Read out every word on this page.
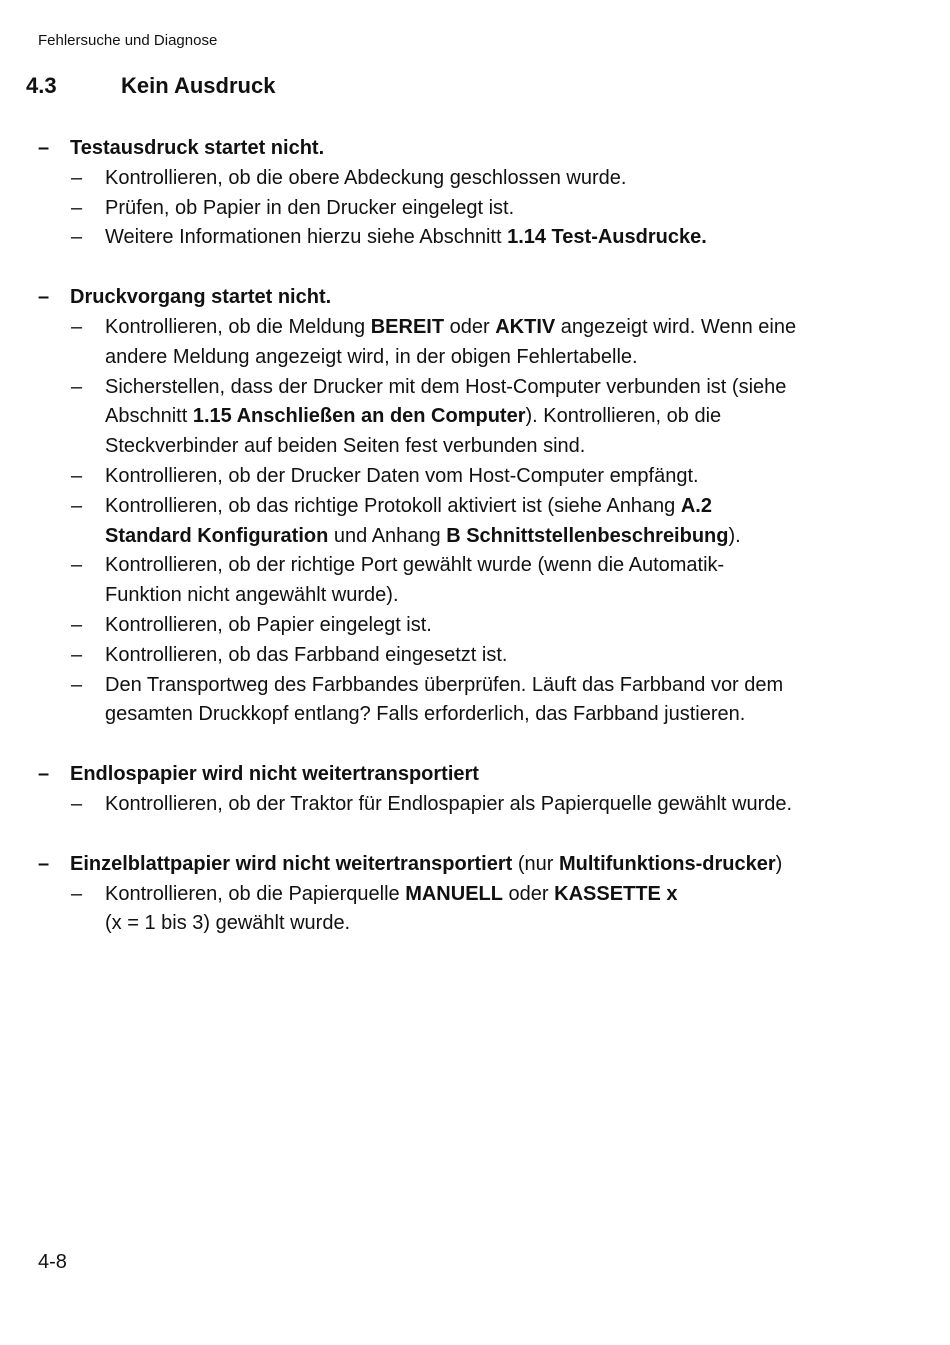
Fehlersuche und Diagnose
4.3	Kein Ausdruck
– Testausdruck startet nicht.
– Kontrollieren, ob die obere Abdeckung geschlossen wurde.
– Prüfen, ob Papier in den Drucker eingelegt ist.
– Weitere Informationen hierzu siehe Abschnitt 1.14 Test-Ausdrucke.
– Druckvorgang startet nicht.
– Kontrollieren, ob die Meldung BEREIT oder AKTIV angezeigt wird. Wenn eine andere Meldung angezeigt wird, in der obigen Fehlertabelle.
– Sicherstellen, dass der Drucker mit dem Host-Computer verbunden ist (siehe Abschnitt 1.15 Anschließen an den Computer). Kontrollieren, ob die Steckverbinder auf beiden Seiten fest verbunden sind.
– Kontrollieren, ob der Drucker Daten vom Host-Computer empfängt.
– Kontrollieren, ob das richtige Protokoll aktiviert ist (siehe Anhang A.2 Standard Konfiguration und Anhang B Schnittstellenbeschreibung).
– Kontrollieren, ob der richtige Port gewählt wurde (wenn die Automatik-Funktion nicht angewählt wurde).
– Kontrollieren, ob Papier eingelegt ist.
– Kontrollieren, ob das Farbband eingesetzt ist.
– Den Transportweg des Farbbandes überprüfen. Läuft das Farbband vor dem gesamten Druckkopf entlang? Falls erforderlich, das Farbband justieren.
– Endlospapier wird nicht weitertransportiert
– Kontrollieren, ob der Traktor für Endlospapier als Papierquelle gewählt wurde.
– Einzelblattpapier wird nicht weitertransportiert (nur Multifunktions-drucker)
– Kontrollieren, ob die Papierquelle MANUELL oder KASSETTE x
(x = 1 bis 3) gewählt wurde.
4-8
